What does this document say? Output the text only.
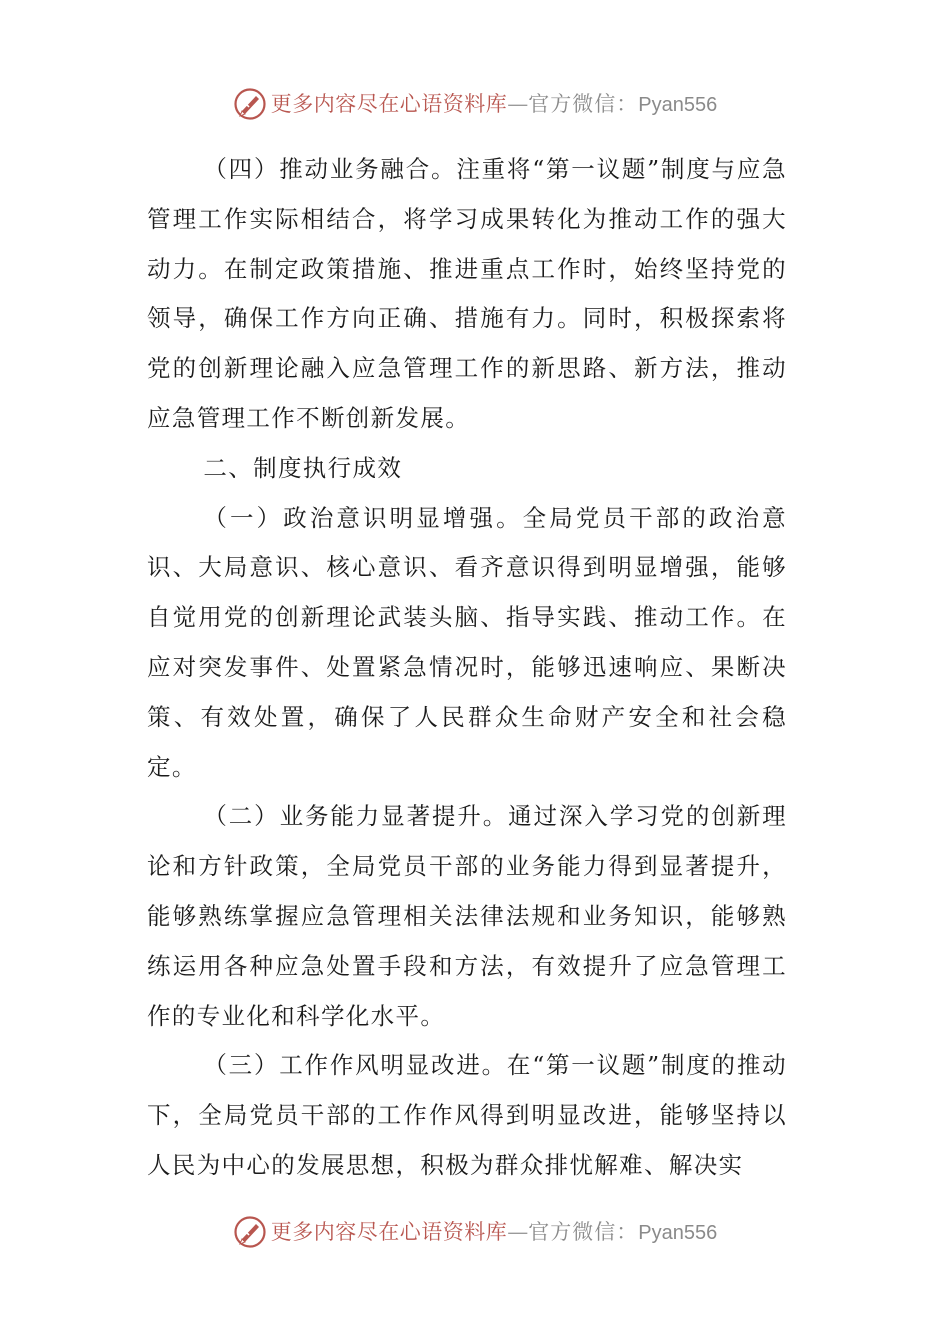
更多内容尽在心语资料库 — 官方微信： Pyan556

（四）推动业务融合。注重将“第一议题”制度与应急管理工作实际相结合，将学习成果转化为推动工作的强大动力。在制定政策措施、推进重点工作时，始终坚持党的领导，确保工作方向正确、措施有力。同时，积极探索将党的创新理论融入应急管理工作的新思路、新方法，推动应急管理工作不断创新发展。

二、制度执行成效

（一）政治意识明显增强。全局党员干部的政治意识、大局意识、核心意识、看齐意识得到明显增强，能够自觉用党的创新理论武装头脑、指导实践、推动工作。在应对突发事件、处置紧急情况时，能够迅速响应、果断决策、有效处置，确保了人民群众生命财产安全和社会稳定。

（二）业务能力显著提升。通过深入学习党的创新理论和方针政策，全局党员干部的业务能力得到显著提升，能够熟练掌握应急管理相关法律法规和业务知识，能够熟练运用各种应急处置手段和方法，有效提升了应急管理工作的专业化和科学化水平。

（三）工作作风明显改进。在“第一议题”制度的推动下，全局党员干部的工作作风得到明显改进，能够坚持以人民为中心的发展思想，积极为群众排忧解难、解决实

更多内容尽在心语资料库 — 官方微信： Pyan556
